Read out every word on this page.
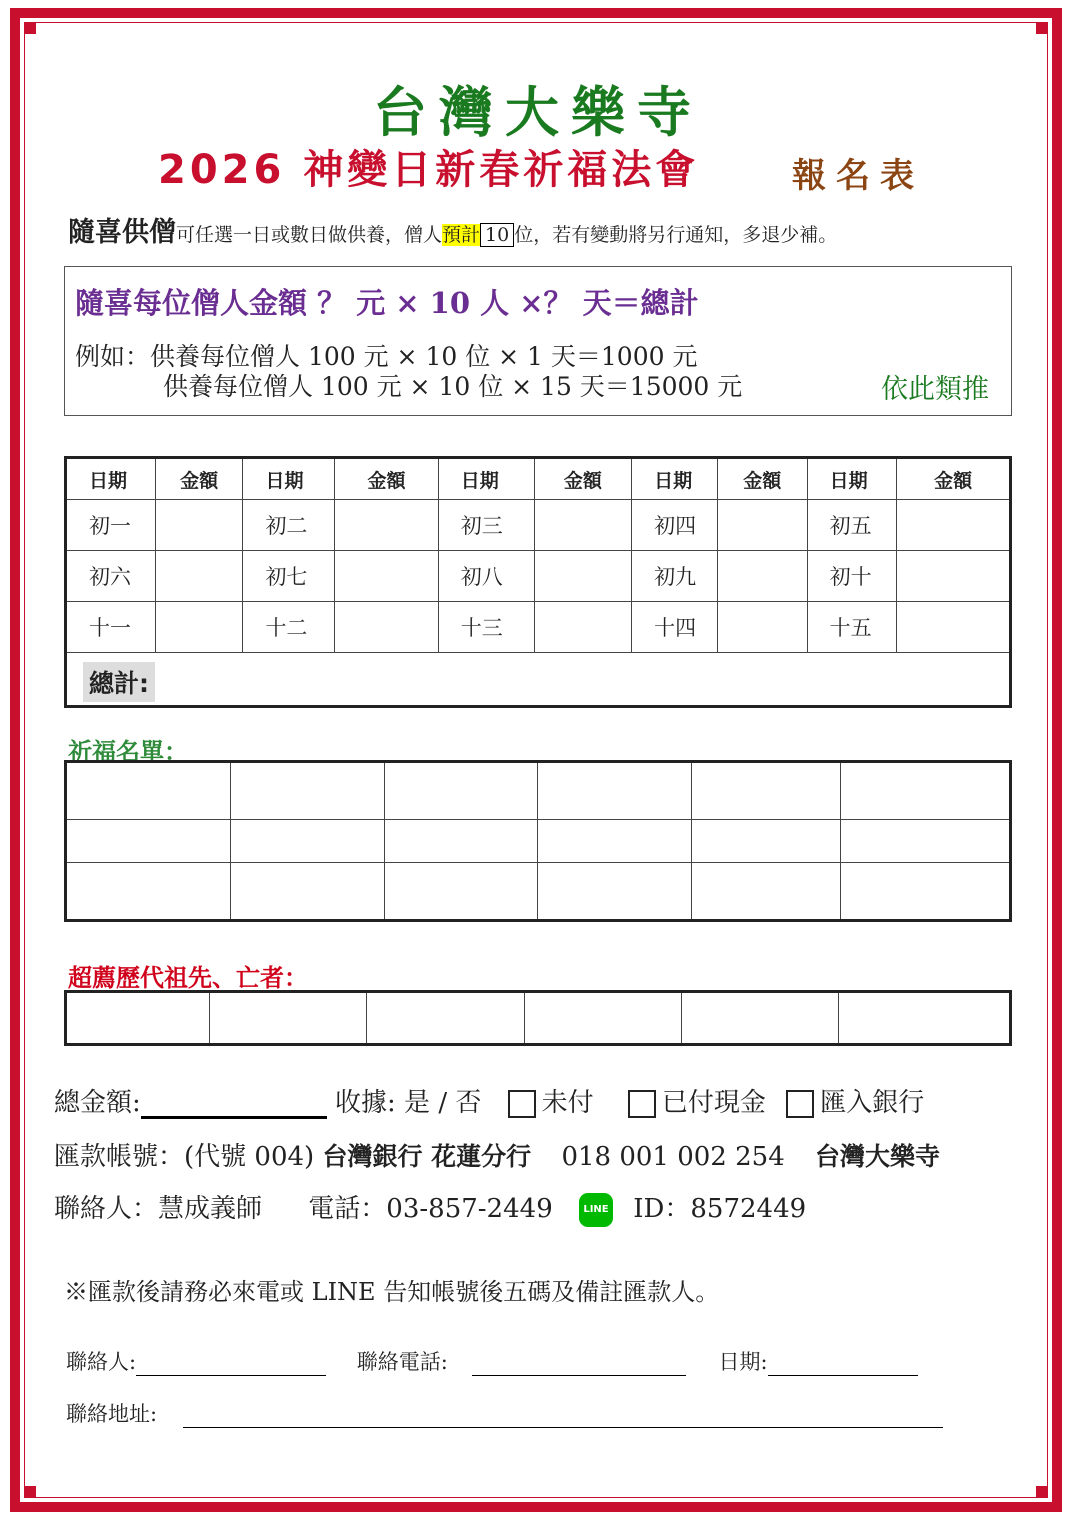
台灣大樂寺
2026 神變日新春祈福法會	報名表
隨喜供僧可任選一日或數日做供養，僧人預計 10 位，若有變動將另行通知，多退少補。
隨喜每位僧人金額 ？ 元 × 10 人 ×？ 天＝總計
例如：供養每位僧人 100 元 × 10 位 × 1 天＝1000 元
供養每位僧人 100 元 × 10 位 × 15 天＝15000 元	依此類推
日期	金額	日期	金額	日期	金額	日期	金額	日期	金額
初一		初二		初三		初四		初五	
初六		初七		初八		初九		初十	
十一		十二		十三		十四		十五	
總計:									
祈福名單：

超薦歷代祖先、亡者：

總金額:	收據: 是 / 否 未付	已付現金 匯入銀行
匯款帳號：(代號 004) 台灣銀行 花蓮分行 018 001 002 254 台灣大樂寺
聯絡人：慧成義師 電話：03-857-2449	LINE ID：8572449
※匯款後請務必來電或 LINE 告知帳號後五碼及備註匯款人。
聯絡人:	聯絡電話:	日期:
聯絡地址:
